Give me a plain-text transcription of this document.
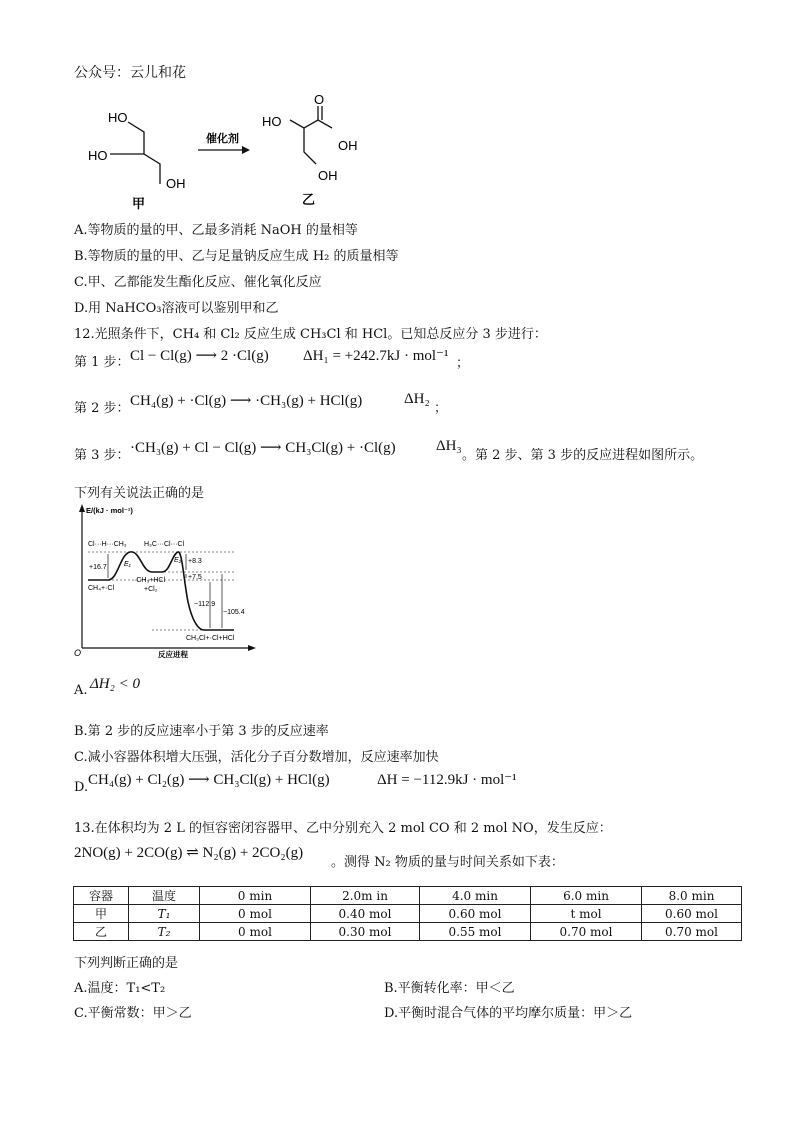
公众号：云儿和花
HO
HO
OH
甲
催化剂
O
HO
OH
OH
乙
A.等物质的量的甲、乙最多消耗 NaOH 的量相等
B.等物质的量的甲、乙与足量钠反应生成 H₂ 的质量相等
C.甲、乙都能发生酯化反应、催化氧化反应
D.用 NaHCO₃溶液可以鉴别甲和乙
12.光照条件下，CH₄ 和 Cl₂ 反应生成 CH₃Cl 和 HCl。已知总反应分 3 步进行：
第 1 步： Cl − Cl(g) ⟶ 2 ·Cl(g) ΔH₁ = +242.7kJ · mol⁻¹ ；
第 2 步： CH₄(g) + ·Cl(g) ⟶ ·CH₃(g) + HCl(g)	ΔH₂
；
第 3 步： ·CH₃(g) + Cl − Cl(g) ⟶ CH₃Cl(g) + ·Cl(g)	ΔH₃
。第 2 步、第 3 步的反应进程如图所示。
下列有关说法正确的是
E/(kJ · mol⁻¹)
O	反应进程
Cl···H···CH₃ H₃C···Cl···Cl
+16.7
+8.3
+7.5
−112.9
−105.4
E₁
E₂
CH₄+·Cl
·CH₃+HCl
+Cl₂
CH₃Cl+·Cl+HCl
A. ΔH₂ < 0
B.第 2 步的反应速率小于第 3 步的反应速率
C.减小容器体积增大压强，活化分子百分数增加，反应速率加快
D. CH₄(g) + Cl₂(g) ⟶ CH₃Cl(g) + HCl(g)	ΔH = −112.9kJ · mol⁻¹
13.在体积均为 2 L 的恒容密闭容器甲、乙中分别充入 2 mol CO 和 2 mol NO，发生反应：
2NO(g) + 2CO(g) ⇌ N₂(g) + 2CO₂(g)
。测得 N₂ 物质的量与时间关系如下表：
容器	温度	0 min	2.0m in	4.0 min	6.0 min	8.0 min
甲	T₁	0 mol	0.40 mol	0.60 mol	t mol	0.60 mol
乙	T₂	0 mol	0.30 mol	0.55 mol	0.70 mol	0.70 mol
下列判断正确的是
A.温度：T₁<T₂	B.平衡转化率：甲＜乙
C.平衡常数：甲＞乙	D.平衡时混合气体的平均摩尔质量：甲＞乙
